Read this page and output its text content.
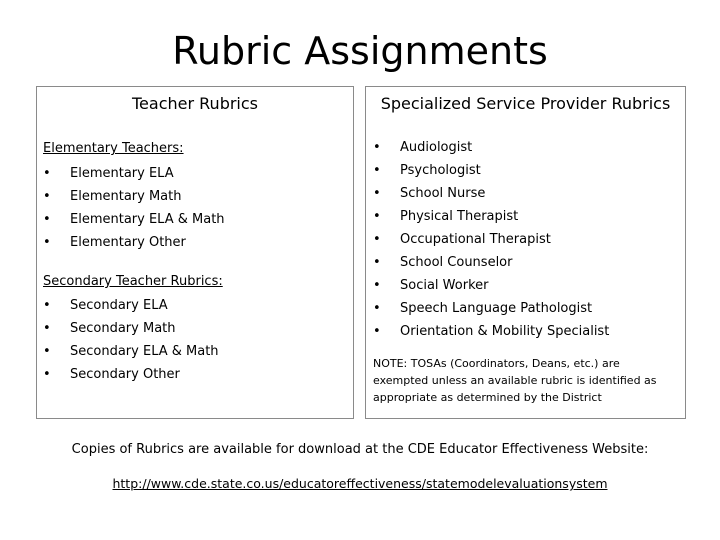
Rubric Assignments
Teacher Rubrics
Elementary Teachers:
• Elementary ELA
• Elementary Math
• Elementary ELA & Math
• Elementary Other
Secondary Teacher Rubrics:
• Secondary ELA
• Secondary Math
• Secondary ELA & Math
• Secondary Other
Specialized Service Provider Rubrics
• Audiologist
• Psychologist
• School Nurse
• Physical Therapist
• Occupational Therapist
• School Counselor
• Social Worker
• Speech Language Pathologist
• Orientation & Mobility Specialist
NOTE: TOSAs (Coordinators, Deans, etc.) are exempted unless an available rubric is identified as appropriate as determined by the District
Copies of Rubrics are available for download at the CDE Educator Effectiveness Website:
http://www.cde.state.co.us/educatoreffectiveness/statemodelevaluationsystem
